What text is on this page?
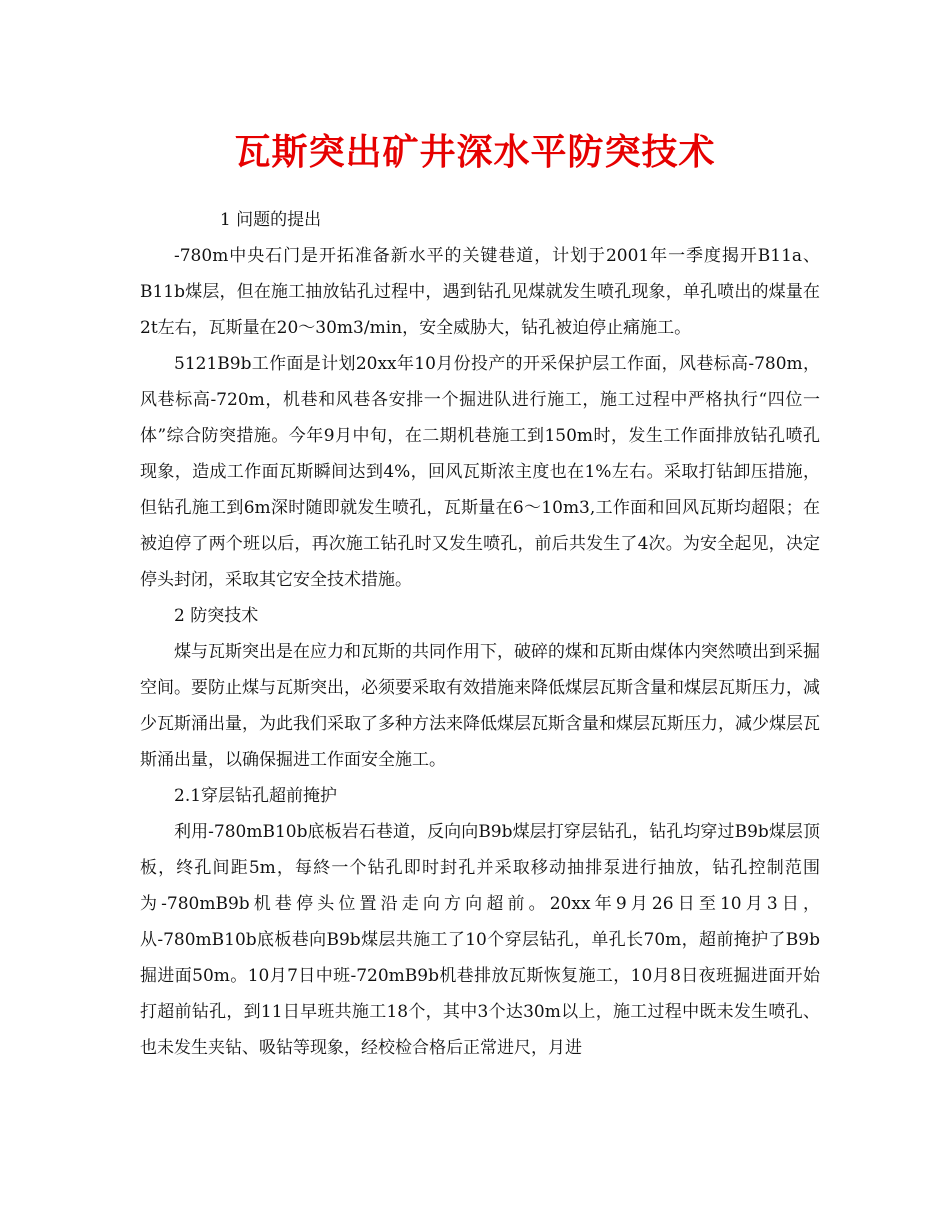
瓦斯突出矿井深水平防突技术

1 问题的提出

-780m中央石门是开拓准备新水平的关键巷道，计划于2001年一季度揭开B11a、B11b煤层，但在施工抽放钻孔过程中，遇到钻孔见煤就发生喷孔现象，单孔喷出的煤量在2t左右，瓦斯量在20～30m3/min，安全威胁大，钻孔被迫停止痛施工。

5121B9b工作面是计划20xx年10月份投产的开采保护层工作面，风巷标高-780m，风巷标高-720m，机巷和风巷各安排一个掘进队进行施工，施工过程中严格执行“四位一体”综合防突措施。今年9月中旬，在二期机巷施工到150m时，发生工作面排放钻孔喷孔现象，造成工作面瓦斯瞬间达到4%，回风瓦斯浓主度也在1%左右。采取打钻卸压措施，但钻孔施工到6m深时随即就发生喷孔，瓦斯量在6～10m3,工作面和回风瓦斯均超限；在被迫停了两个班以后，再次施工钻孔时又发生喷孔，前后共发生了4次。为安全起见，决定停头封闭，采取其它安全技术措施。

2 防突技术

煤与瓦斯突出是在应力和瓦斯的共同作用下，破碎的煤和瓦斯由煤体内突然喷出到采掘空间。要防止煤与瓦斯突出，必须要采取有效措施来降低煤层瓦斯含量和煤层瓦斯压力，减少瓦斯涌出量，为此我们采取了多种方法来降低煤层瓦斯含量和煤层瓦斯压力，减少煤层瓦斯涌出量，以确保掘进工作面安全施工。

2.1穿层钻孔超前掩护

利用-780mB10b底板岩石巷道，反向向B9b煤层打穿层钻孔，钻孔均穿过B9b煤层顶板，终孔间距5m，每終一个钻孔即时封孔并采取移动抽排泵进行抽放，钻孔控制范围为-780mB9b机巷停头位置沿走向方向超前。20xx年9月26日至10月3日，从-780mB10b底板巷向B9b煤层共施工了10个穿层钻孔，单孔长70m，超前掩护了B9b掘进面50m。10月7日中班-720mB9b机巷排放瓦斯恢复施工，10月8日夜班掘进面开始打超前钻孔，到11日早班共施工18个，其中3个达30m以上，施工过程中既未发生喷孔、也未发生夹钻、吸钻等现象，经校检合格后正常进尺，月进
